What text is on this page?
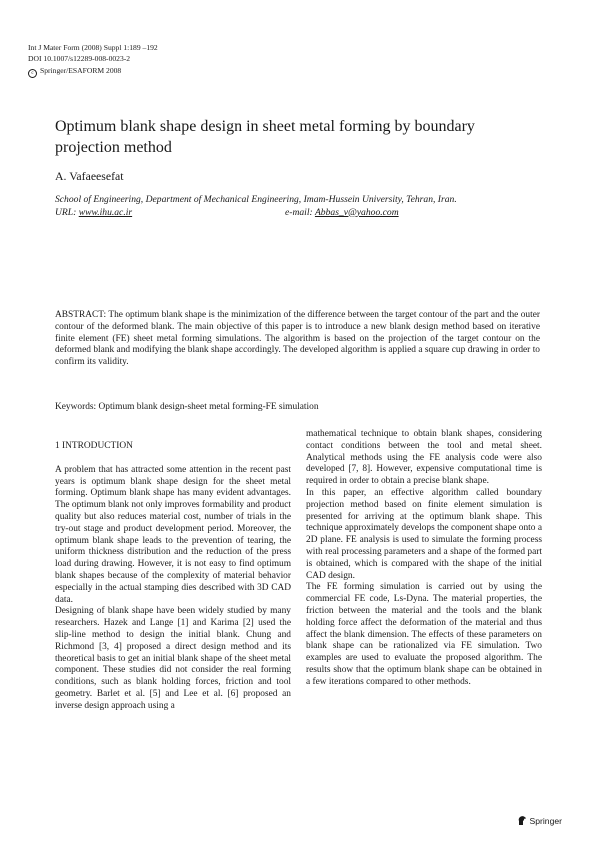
Int J Mater Form (2008) Suppl 1:189 –192
DOI 10.1007/s12289-008-0023-2
c Springer/ESAFORM 2008
Optimum blank shape design in sheet metal forming by boundary projection method
A. Vafaeesefat
School of Engineering, Department of Mechanical Engineering, Imam-Hussein University, Tehran, Iran.
URL: www.ihu.ac.ir	e-mail: Abbas_v@yahoo.com
ABSTRACT: The optimum blank shape is the minimization of the difference between the target contour of the part and the outer contour of the deformed blank. The main objective of this paper is to introduce a new blank design method based on iterative finite element (FE) sheet metal forming simulations. The algorithm is based on the projection of the target contour on the deformed blank and modifying the blank shape accordingly. The developed algorithm is applied a square cup drawing in order to confirm its validity.
Keywords: Optimum blank design-sheet metal forming-FE simulation
1 INTRODUCTION

A problem that has attracted some attention in the recent past years is optimum blank shape design for the sheet metal forming. Optimum blank shape has many evident advantages. The optimum blank not only improves formability and product quality but also reduces material cost, number of trials in the try-out stage and product development period. Moreover, the optimum blank shape leads to the prevention of tearing, the uniform thickness distribution and the reduction of the press load during drawing. However, it is not easy to find optimum blank shapes because of the complexity of material behavior especially in the actual stamping dies described with 3D CAD data.

Designing of blank shape have been widely studied by many researchers. Hazek and Lange [1] and Karima [2] used the slip-line method to design the initial blank. Chung and Richmond [3, 4] proposed a direct design method and its theoretical basis to get an initial blank shape of the sheet metal component. These studies did not consider the real forming conditions, such as blank holding forces, friction and tool geometry. Barlet et al. [5] and Lee et al. [6] proposed an inverse design approach using a

mathematical technique to obtain blank shapes, considering contact conditions between the tool and metal sheet. Analytical methods using the FE analysis code were also developed [7, 8]. However, expensive computational time is required in order to obtain a precise blank shape.

In this paper, an effective algorithm called boundary projection method based on finite element simulation is presented for arriving at the optimum blank shape. This technique approximately develops the component shape onto a 2D plane. FE analysis is used to simulate the forming process with real processing parameters and a shape of the formed part is obtained, which is compared with the shape of the initial CAD design.

The FE forming simulation is carried out by using the commercial FE code, Ls-Dyna. The material properties, the friction between the material and the tools and the blank holding force affect the deformation of the material and thus affect the blank dimension. The effects of these parameters on blank shape can be rationalized via FE simulation. Two examples are used to evaluate the proposed algorithm. The results show that the optimum blank shape can be obtained in a few iterations compared to other methods.

Springer
